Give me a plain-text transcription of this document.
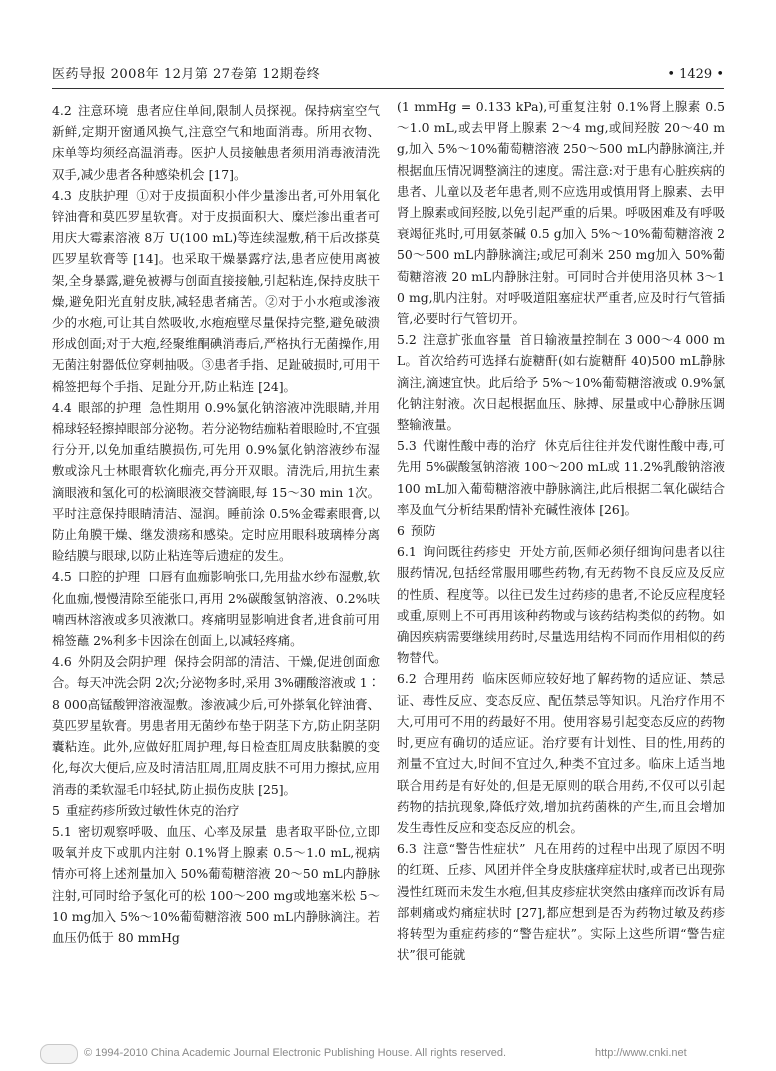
医药导报 2008年 12月第 27卷第 12期卷终	• 1429 •

4.2 注意环境 患者应住单间,限制人员探视。保持病室空气新鲜,定期开窗通风换气,注意空气和地面消毒。所用衣物、床单等均须经高温消毒。医护人员接触患者须用消毒液清洗双手,减少患者各种感染机会 [17]。

4.3 皮肤护理 ①对于皮损面积小伴少量渗出者,可外用氧化锌油膏和莫匹罗星软膏。对于皮损面积大、糜烂渗出重者可用庆大霉素溶液 8万 U(100 mL)等连续湿敷,稍干后改搽莫匹罗星软膏等 [14]。也采取干燥暴露疗法,患者应使用离被架,全身暴露,避免被褥与创面直接接触,引起粘连,保持皮肤干燥,避免阳光直射皮肤,减轻患者痛苦。②对于小水疱或渗液少的水疱,可让其自然吸收,水疱疱壁尽量保持完整,避免破溃形成创面;对于大疱,经聚维酮碘消毒后,严格执行无菌操作,用无菌注射器低位穿刺抽吸。③患者手指、足趾破损时,可用干棉签把每个手指、足趾分开,防止粘连 [24]。

4.4 眼部的护理 急性期用 0.9%氯化钠溶液冲洗眼睛,并用棉球轻轻擦掉眼部分泌物。若分泌物结痂粘着眼睑时,不宜强行分开,以免加重结膜损伤,可先用 0.9%氯化钠溶液纱布湿敷或涂凡士林眼膏软化痂壳,再分开双眼。清洗后,用抗生素滴眼液和氢化可的松滴眼液交替滴眼,每 15～30 min 1次。平时注意保持眼睛清洁、湿润。睡前涂 0.5%金霉素眼膏,以防止角膜干燥、继发溃疡和感染。定时应用眼科玻璃棒分离睑结膜与眼球,以防止粘连等后遗症的发生。

4.5 口腔的护理 口唇有血痂影响张口,先用盐水纱布湿敷,软化血痂,慢慢清除至能张口,再用 2%碳酸氢钠溶液、0.2%呋喃西林溶液或多贝液漱口。疼痛明显影响进食者,进食前可用棉签蘸 2%利多卡因涂在创面上,以减轻疼痛。

4.6 外阴及会阴护理 保持会阴部的清洁、干燥,促进创面愈合。每天冲洗会阴 2次;分泌物多时,采用 3%硼酸溶液或 1∶8 000高锰酸钾溶液湿敷。渗液减少后,可外搽氧化锌油膏、莫匹罗星软膏。男患者用无菌纱布垫于阴茎下方,防止阴茎阴囊粘连。此外,应做好肛周护理,每日检查肛周皮肤黏膜的变化,每次大便后,应及时清洁肛周,肛周皮肤不可用力擦拭,应用消毒的柔软湿毛巾轻拭,防止损伤皮肤 [25]。

5 重症药疹所致过敏性休克的治疗

5.1 密切观察呼吸、血压、心率及尿量 患者取平卧位,立即吸氧并皮下或肌内注射 0.1%肾上腺素 0.5～1.0 mL,视病情亦可将上述剂量加入 50%葡萄糖溶液 20～50 mL内静脉注射,可同时给予氢化可的松 100～200 mg或地塞米松 5～10 mg加入 5%～10%葡萄糖溶液 500 mL内静脉滴注。若血压仍低于 80 mmHg

(1 mmHg = 0.133 kPa),可重复注射 0.1%肾上腺素 0.5～1.0 mL,或去甲肾上腺素 2～4 mg,或间羟胺 20～40 mg,加入 5%～10%葡萄糖溶液 250～500 mL内静脉滴注,并根据血压情况调整滴注的速度。需注意:对于患有心脏疾病的患者、儿童以及老年患者,则不应选用或慎用肾上腺素、去甲肾上腺素或间羟胺,以免引起严重的后果。呼吸困难及有呼吸衰竭征兆时,可用氨茶碱 0.5 g加入 5%～10%葡萄糖溶液 250～500 mL内静脉滴注;或尼可刹米 250 mg加入 50%葡萄糖溶液 20 mL内静脉注射。可同时合并使用洛贝林 3～10 mg,肌内注射。对呼吸道阻塞症状严重者,应及时行气管插管,必要时行气管切开。

5.2 注意扩张血容量 首日输液量控制在 3 000～4 000 mL。首次给药可选择右旋糖酐(如右旋糖酐 40)500 mL静脉滴注,滴速宜快。此后给予 5%～10%葡萄糖溶液或 0.9%氯化钠注射液。次日起根据血压、脉搏、尿量或中心静脉压调整输液量。

5.3 代谢性酸中毒的治疗 休克后往往并发代谢性酸中毒,可先用 5%碳酸氢钠溶液 100～200 mL或 11.2%乳酸钠溶液 100 mL加入葡萄糖溶液中静脉滴注,此后根据二氧化碳结合率及血气分析结果酌情补充碱性液体 [26]。

6 预防

6.1 询问既往药疹史 开处方前,医师必须仔细询问患者以往服药情况,包括经常服用哪些药物,有无药物不良反应及反应的性质、程度等。以往已发生过药疹的患者,不论反应程度轻或重,原则上不可再用该种药物或与该药结构类似的药物。如确因疾病需要继续用药时,尽量选用结构不同而作用相似的药物替代。

6.2 合理用药 临床医师应较好地了解药物的适应证、禁忌证、毒性反应、变态反应、配伍禁忌等知识。凡治疗作用不大,可用可不用的药最好不用。使用容易引起变态反应的药物时,更应有确切的适应证。治疗要有计划性、目的性,用药的剂量不宜过大,时间不宜过久,种类不宜过多。临床上适当地联合用药是有好处的,但是无原则的联合用药,不仅可以引起药物的拮抗现象,降低疗效,增加抗药菌株的产生,而且会增加发生毒性反应和变态反应的机会。

6.3 注意“警告性症状” 凡在用药的过程中出现了原因不明的红斑、丘疹、风团并伴全身皮肤瘙痒症状时,或者已出现弥漫性红斑而未发生水疱,但其皮疹症状突然由瘙痒而改诉有局部刺痛或灼痛症状时 [27],都应想到是否为药物过敏及药疹将转型为重症药疹的“警告症状”。实际上这些所谓“警告症状”很可能就

© 1994-2010 China Academic Journal Electronic Publishing House. All rights reserved.	http://www.cnki.net
